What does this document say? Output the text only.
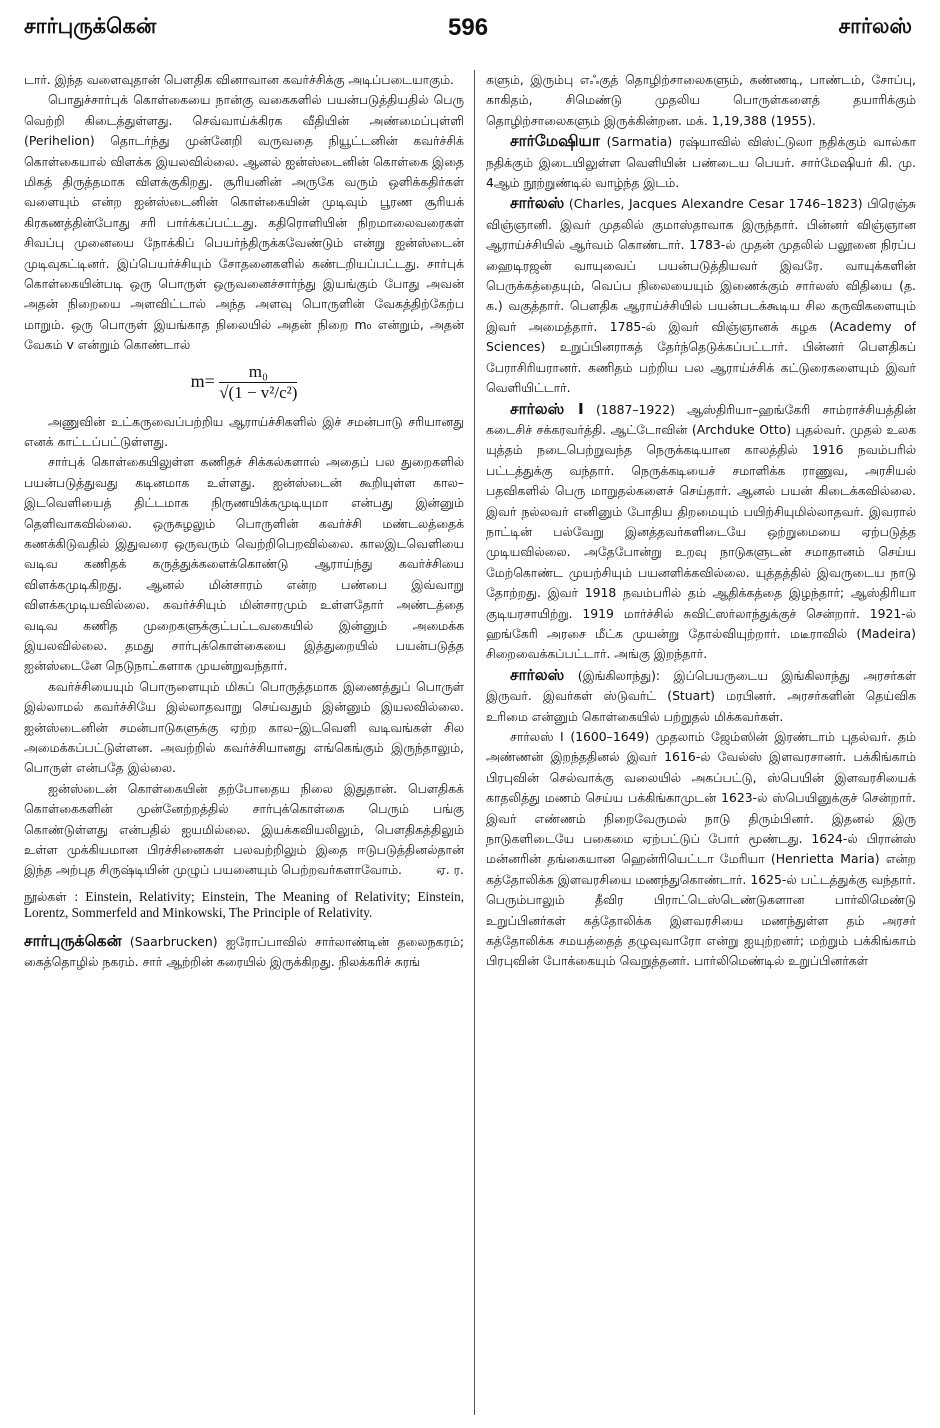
சார்புருக்கென்	596	சார்லஸ்

டார். இந்த வளைவுதான் பௌதிக வினாவான கவர்ச்சிக்கு அடிப்படையாகும்.

பொதுச்சார்புக் கொள்கையை நான்கு வகைகளில் பயன்படுத்தியதில் பெரு வெற்றி கிடைத்துள்ளது. செவ்வாய்க்கிரக வீதியின் அண்மைப்புள்ளி (Perihelion) தொடர்ந்து முன்னேறி வருவதை நியூட்டனின் கவர்ச்சிக் கொள்கையால் விளக்க இயலவில்லை. ஆனல் ஐன்ஸ்டைனின் கொள்கை இதை மிகத் திருத்தமாக விளக்குகிறது. சூரியனின் அருகே வரும் ஒளிக்கதிர்கள் வளையும் என்ற ஐன்ஸ்டைனின் கொள்கையின் முடிவும் பூரண சூரியக் கிரகணத்தின்போது சரி பார்க்கப்பட்டது. கதிரொளியின் நிறமாலைவரைகள் சிவப்பு முனையை நோக்கிப் பெயர்ந்திருக்கவேண்டும் என்று ஐன்ஸ்டைன் முடிவுகட்டினர். இப்பெயர்ச்சியும் சோதனைகளில் கண்டறியப்பட்டது. சார்புக் கொள்கையின்படி ஒரு பொருள் ஒருவனைச்சார்ந்து இயங்கும் போது அவன் அதன் நிறையை அளவிட்டால் அந்த அளவு பொருளின் வேகத்திற்கேற்ப மாறும். ஒரு பொருள் இயங்காத நிலையில் அதன் நிறை m₀ என்றும், அதன் வேகம் v என்றும் கொண்டால்

$m= \frac{\text{m₀}}{\text{√(1 − v²/c²)}}$

அணுவின் உட்கருவைப்பற்றிய ஆராய்ச்சிகளில் இச் சமன்பாடு சரியானது எனக் காட்டப்பட்டுள்ளது.

சார்புக் கொள்கையிலுள்ள கணிதச் சிக்கல்களால் அதைப் பல துறைகளில் பயன்படுத்துவது கடினமாக உள்ளது. ஐன்ஸ்டைன் கூறியுள்ள கால–இடவெளியைத் திட்டமாக நிருணயிக்கமுடியுமா என்பது இன்னும் தெளிவாகவில்லை. ஒருசுழலும் பொருளின் கவர்ச்சி மண்டலத்தைக் கணக்கிடுவதில் இதுவரை ஒருவரும் வெற்றிபெறவில்லை. காலஇடவெளியை வடிவ கணிதக் கருத்துக்களைக்கொண்டு ஆராய்ந்து கவர்ச்சியை விளக்கமுடிகிறது. ஆனல் மின்சாரம் என்ற பண்பை இவ்வாறு விளக்கமுடியவில்லை. கவர்ச்சியும் மின்சாரமும் உள்ளதோர் அண்டத்தை வடிவ கணித முறைகளுக்குட்பட்டவகையில் இன்னும் அமைக்க இயலவில்லை. தமது சார்புக்கொள்கையை இத்துறையில் பயன்படுத்த ஐன்ஸ்டைனே நெடுநாட்களாக முயன்றுவந்தார்.

கவர்ச்சியையும் பொருளையும் மிகப் பொருத்தமாக இணைத்துப் பொருள் இல்லாமல் கவர்ச்சியே இல்லாதவாறு செய்வதும் இன்னும் இயலவில்லை. ஐன்ஸ்டைனின் சமன்பாடுகளுக்கு ஏற்ற கால–இடவெளி வடிவங்கள் சில அமைக்கப்பட்டுள்ளன. அவற்றில் கவர்ச்சியானது எங்கெங்கும் இருந்தாலும், பொருள் என்பதே இல்லை.

ஐன்ஸ்டைன் கொள்கையின் தற்போதைய நிலை இதுதான். பௌதிகக் கொள்கைகளின் முன்னேற்றத்தில் சார்புக்கொள்கை பெரும் பங்கு கொண்டுள்ளது என்பதில் ஐயமில்லை. இயக்கவியலிலும், பௌதிகத்திலும் உள்ள முக்கியமான பிரச்சினைகள் பலவற்றிலும் இதை ஈடுபடுத்தினல்தான் இந்த அற்புத சிருஷ்டியின் முழுப் பயனையும் பெற்றவர்களாவோம்.	ஏ. ர.

நூல்கள் : Einstein, Relativity; Einstein, The Meaning of Relativity; Einstein, Lorentz, Sommerfeld and Minkowski, The Principle of Relativity.

சார்புருக்கென் (Saarbrucken) ஐரோப்பாவில் சார்லாண்டின் தலைநகரம்; கைத்தொழில் நகரம். சார் ஆற்றின் கரையில் இருக்கிறது. நிலக்கரிச் சுரங்

களும், இரும்பு எஃகுத் தொழிற்சாலைகளும், கண்ணடி, பாண்டம், சோப்பு, காகிதம், சிமெண்டு முதலிய பொருள்களைத் தயாரிக்கும் தொழிற்சாலைகளும் இருக்கின்றன. மக். 1,19,388 (1955).

சார்மேஷியா (Sarmatia) ரஷ்யாவில் விஸ்ட்டுலா நதிக்கும் வால்கா நதிக்கும் இடையிலுள்ள வெளியின் பண்டைய பெயர். சார்மேஷியர் கி. மு. 4ஆம் நூற்றுண்டில் வாழ்ந்த இடம்.

சார்லஸ் (Charles, Jacques Alexandre Cesar 1746–1823) பிரெஞ்சு விஞ்ஞானி. இவர் முதலில் குமாஸ்தாவாக இருந்தார். பின்னர் விஞ்ஞான ஆராய்ச்சியில் ஆர்வம் கொண்டார். 1783-ல் முதன் முதலில் பலூனை நிரப்ப ஹைடிரஜன் வாயுவைப் பயன்படுத்தியவர் இவரே. வாயுக்களின் பெருக்கத்தையும், வெப்ப நிலையையும் இணைக்கும் சார்லஸ் விதியை (த. க.) வகுத்தார். பௌதிக ஆராய்ச்சியில் பயன்படக்கூடிய சில கருவிகளையும் இவர் அமைத்தார். 1785-ல் இவர் விஞ்ஞானக் கழக (Academy of Sciences) உறுப்பினராகத் தேர்ந்தெடுக்கப்பட்டார். பின்னர் பௌதிகப் பேராசிரியரானர். கணிதம் பற்றிய பல ஆராய்ச்சிக் கட்டுரைகளையும் இவர் வெளியிட்டார்.

சார்லஸ் I (1887–1922) ஆஸ்திரியா–ஹங்கேரி சாம்ராச்சியத்தின் கடைசிச் சக்கரவர்த்தி. ஆட்டோவின் (Archduke Otto) புதல்வர். முதல் உலக யுத்தம் நடைபெற்றுவந்த நெருக்கடியான காலத்தில் 1916 நவம்பரில் பட்டத்துக்கு வந்தார். நெருக்கடியைச் சமாளிக்க ராணுவ, அரசியல் பதவிகளில் பெரு மாறுதல்களைச் செய்தார். ஆனல் பயன் கிடைக்கவில்லை. இவர் நல்லவர் எனினும் போதிய திறமையும் பயிற்சியுமில்லாதவர். இவரால் நாட்டின் பல்வேறு இனத்தவர்களிடையே ஒற்றுமையை ஏற்படுத்த முடியவில்லை. அதேபோன்று உறவு நாடுகளுடன் சமாதானம் செய்ய மேற்கொண்ட முயற்சியும் பயனளிக்கவில்லை. யுத்தத்தில் இவருடைய நாடு தோற்றது. இவர் 1918 நவம்பரில் தம் ஆதிக்கத்தை இழந்தார்; ஆஸ்திரியா குடியரசாயிற்று. 1919 மார்ச்சில் சுவிட்ஸர்லாந்துக்குச் சென்றார். 1921-ல் ஹங்கேரி அரசை மீட்க முயன்று தோல்வியுற்றார். மடீராவில் (Madeira) சிறைவைக்கப்பட்டார். அங்கு இறந்தார்.

சார்லஸ் (இங்கிலாந்து): இப்பெயருடைய இங்கிலாந்து அரசர்கள் இருவர். இவர்கள் ஸ்டுவர்ட் (Stuart) மரபினர். அரசர்களின் தெய்விக உரிமை என்னும் கொள்கையில் பற்றுதல் மிக்கவர்கள்.

சார்லஸ் I (1600–1649) முதலாம் ஜேம்ஸின் இரண்டாம் புதல்வர். தம் அண்ணன் இறந்ததினல் இவர் 1616-ல் வேல்ஸ் இளவரசானர். பக்கிங்காம் பிரபுவின் செல்வாக்கு வலையில் அகப்பட்டு, ஸ்பெயின் இளவரசியைக் காதலித்து மணம் செய்ய பக்கிங்காமுடன் 1623-ல் ஸ்பெயினுக்குச் சென்றார். இவர் எண்ணம் நிறைவேருமல் நாடு திரும்பினர். இதனல் இரு நாடுகளிடையே பகைமை ஏற்பட்டுப் போர் மூண்டது. 1624-ல் பிரான்ஸ் மன்னரின் தங்கையான ஹென்ரியெட்டா மேரியா (Henrietta Maria) என்ற கத்தோலிக்க இளவரசியை மணந்துகொண்டார். 1625-ல் பட்டத்துக்கு வந்தார். பெரும்பாலும் தீவிர பிராட்டெஸ்டெண்டுகளான பார்லிமெண்டு உறுப்பினர்கள் கத்தோலிக்க இளவரசியை மணந்துள்ள தம் அரசர் கத்தோலிக்க சமயத்தைத் தழுவுவாரோ என்று ஐயுற்றனர்; மற்றும் பக்கிங்காம் பிரபுவின் போக்கையும் வெறுத்தனர். பார்லிமெண்டில் உறுப்பினர்கள்
